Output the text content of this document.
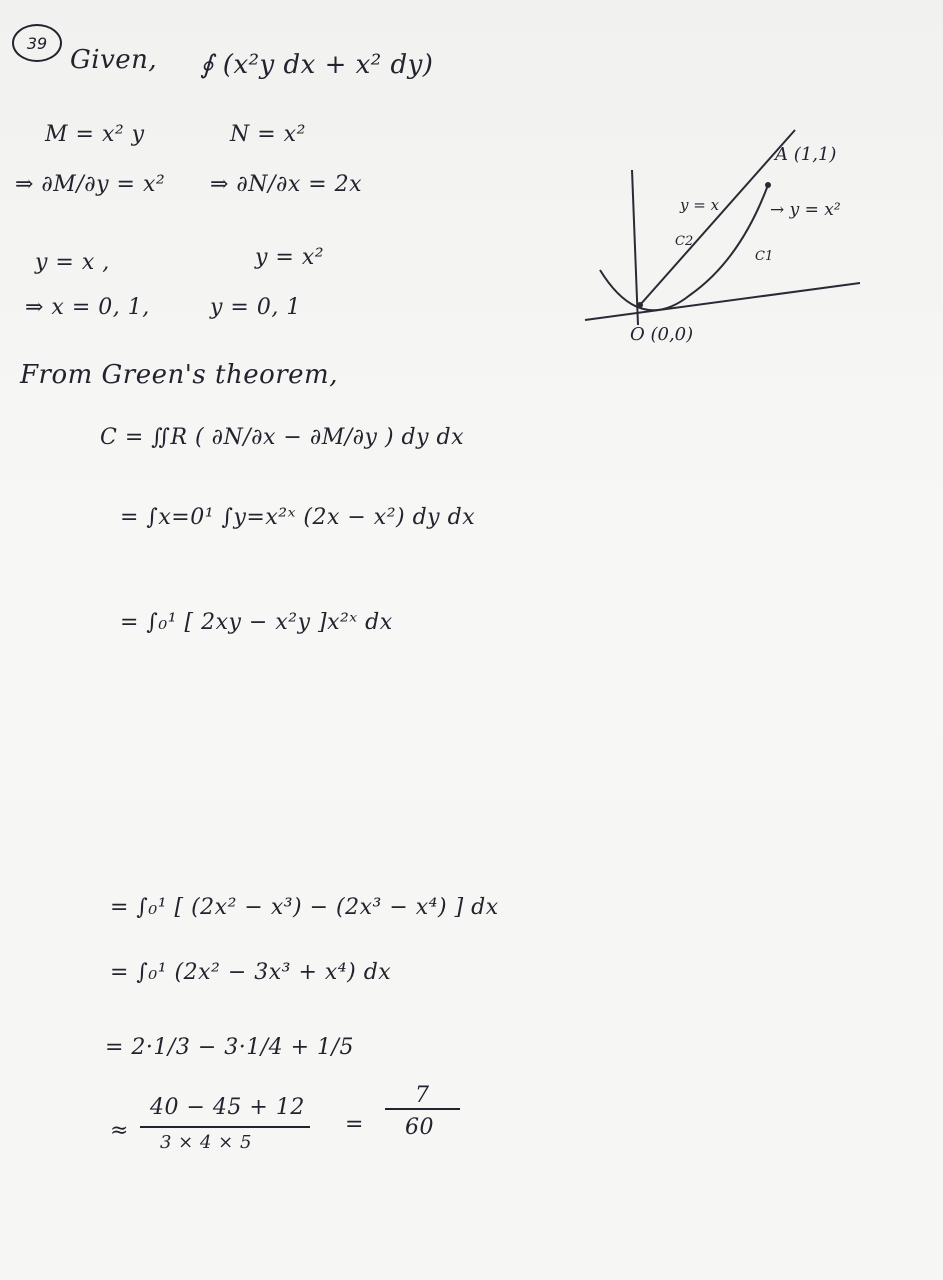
39
Given, ∮ (x²y dx + x² dy)
M = x² y	N = x²
⇒ ∂M/∂y = x² ⇒ ∂N/∂x = 2x
y = x ,	y = x²
⇒ x = 0, 1,	y = 0, 1
A (1,1)
O (0,0)
y = x	→ y = x²
C2
C1
From Green's theorem,
C = ∬R ( ∂N/∂x − ∂M/∂y ) dy dx
= ∫x=0¹ ∫y=x²ˣ (2x − x²) dy dx
= ∫₀¹ [ 2xy − x²y ]x²ˣ dx
= ∫₀¹ [ (2x² − x³) − (2x³ − x⁴) ] dx
= ∫₀¹ (2x² − 3x³ + x⁴) dx
= 2·1/3 − 3·1/4 + 1/5
≈
40 − 45 + 12
3 × 4 × 5
=
7
60
